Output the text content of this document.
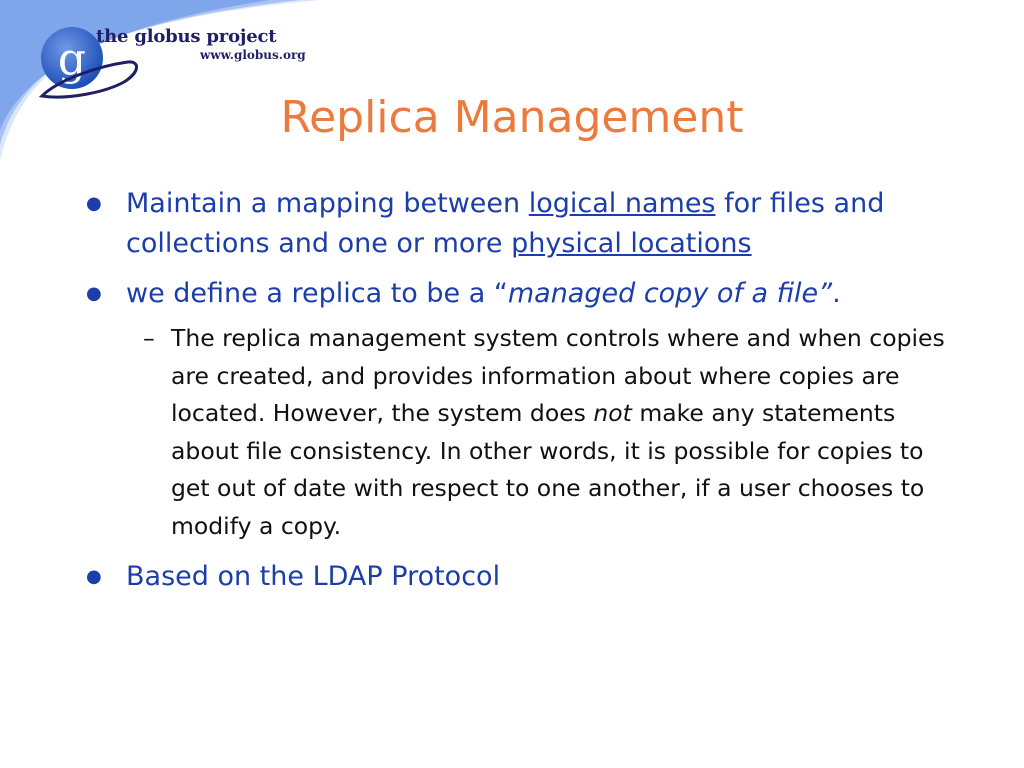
g the globus project
www.globus.org
Replica Management
● Maintain a mapping between logical names for files and collections and one or more physical locations
● we define a replica to be a “managed copy of a file”.
– The replica management system controls where and when copies are created, and provides information about where copies are located. However, the system does not make any statements about file consistency. In other words, it is possible for copies to get out of date with respect to one another, if a user chooses to modify a copy.
● Based on the LDAP Protocol
